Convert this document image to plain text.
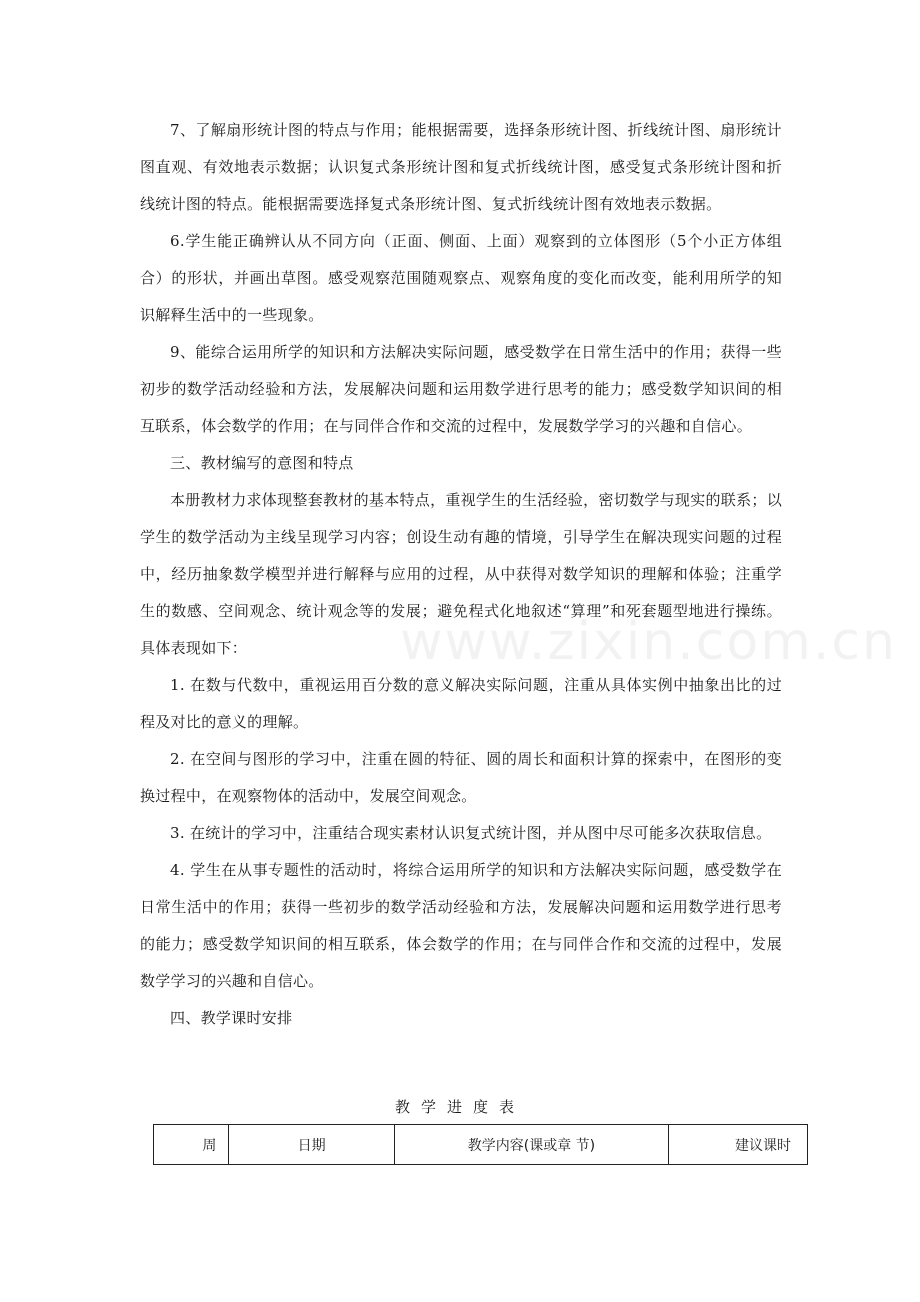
www.zixin.com.cn

7、了解扇形统计图的特点与作用；能根据需要，选择条形统计图、折线统计图、扇形统计图直观、有效地表示数据；认识复式条形统计图和复式折线统计图，感受复式条形统计图和折线统计图的特点。能根据需要选择复式条形统计图、复式折线统计图有效地表示数据。

6.学生能正确辨认从不同方向（正面、侧面、上面）观察到的立体图形（5个小正方体组合）的形状，并画出草图。感受观察范围随观察点、观察角度的变化而改变，能利用所学的知识解释生活中的一些现象。

9、能综合运用所学的知识和方法解决实际问题，感受数学在日常生活中的作用；获得一些初步的数学活动经验和方法，发展解决问题和运用数学进行思考的能力；感受数学知识间的相互联系，体会数学的作用；在与同伴合作和交流的过程中，发展数学学习的兴趣和自信心。

三、教材编写的意图和特点

本册教材力求体现整套教材的基本特点，重视学生的生活经验，密切数学与现实的联系；以学生的数学活动为主线呈现学习内容；创设生动有趣的情境，引导学生在解决现实问题的过程中，经历抽象数学模型并进行解释与应用的过程，从中获得对数学知识的理解和体验；注重学生的数感、空间观念、统计观念等的发展；避免程式化地叙述“算理”和死套题型地进行操练。具体表现如下：

1. 在数与代数中，重视运用百分数的意义解决实际问题，注重从具体实例中抽象出比的过程及对比的意义的理解。

2. 在空间与图形的学习中，注重在圆的特征、圆的周长和面积计算的探索中，在图形的变换过程中，在观察物体的活动中，发展空间观念。

3. 在统计的学习中，注重结合现实素材认识复式统计图，并从图中尽可能多次获取信息。

4. 学生在从事专题性的活动时，将综合运用所学的知识和方法解决实际问题，感受数学在日常生活中的作用；获得一些初步的数学活动经验和方法，发展解决问题和运用数学进行思考的能力；感受数学知识间的相互联系，体会数学的作用；在与同伴合作和交流的过程中，发展数学学习的兴趣和自信心。

四、教学课时安排

教学进度表
周	日期	教学内容(课或章 节)	建议课时
